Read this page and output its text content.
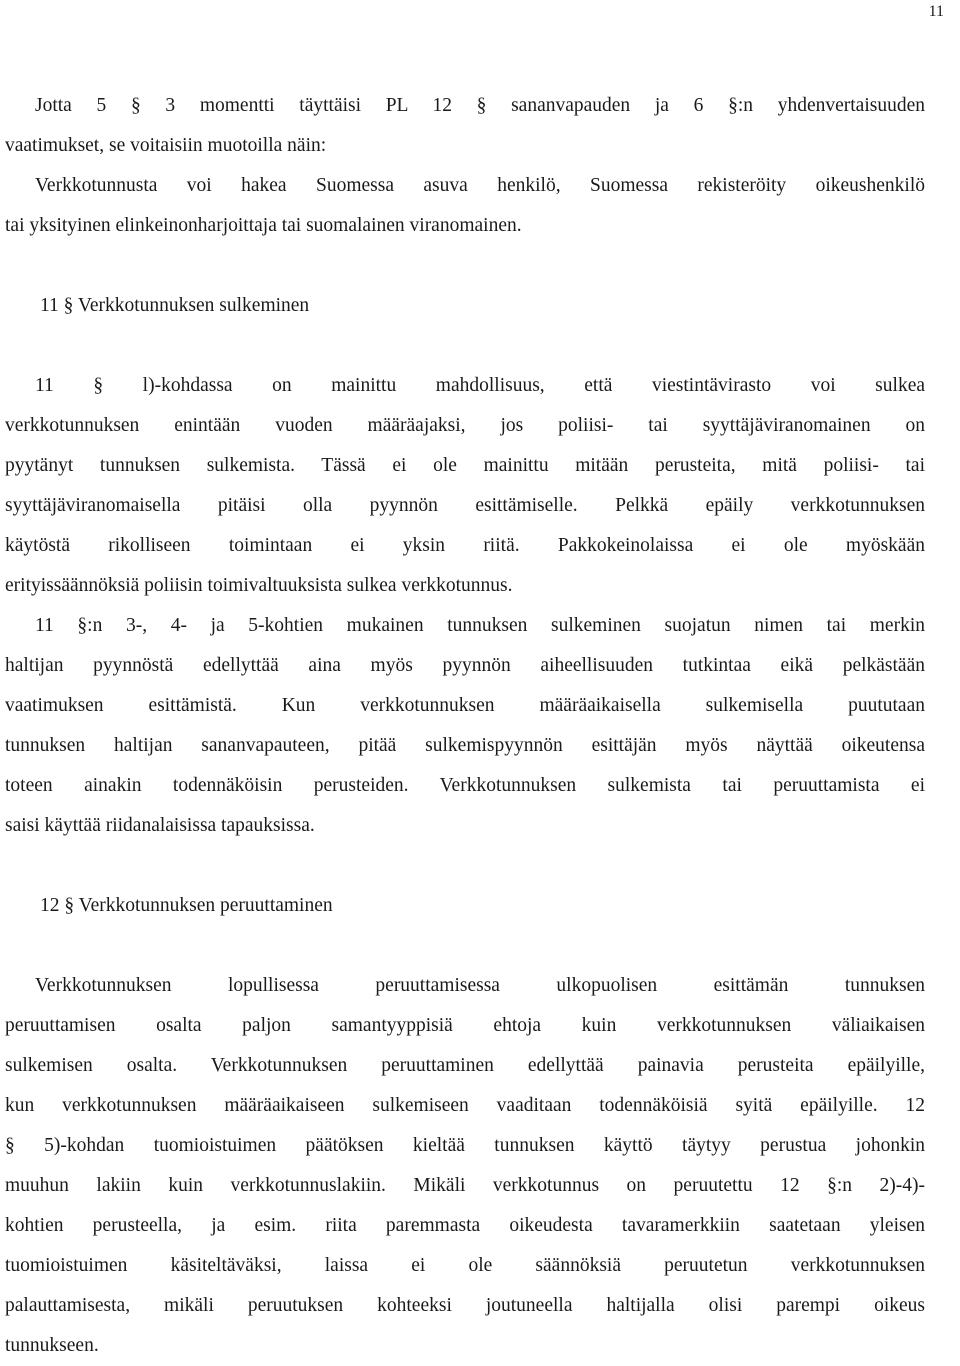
11

Jotta 5 § 3 momentti täyttäisi PL 12 § sananvapauden ja 6 §:n yhdenvertaisuuden

vaatimukset, se voitaisiin muotoilla näin:

Verkkotunnusta voi hakea Suomessa asuva henkilö, Suomessa rekisteröity oikeushenkilö

tai yksityinen elinkeinonharjoittaja tai suomalainen viranomainen.

11 § Verkkotunnuksen sulkeminen

11 § l)-kohdassa on mainittu mahdollisuus, että viestintävirasto voi sulkea

verkkotunnuksen enintään vuoden määräajaksi, jos poliisi- tai syyttäjäviranomainen on

pyytänyt tunnuksen sulkemista. Tässä ei ole mainittu mitään perusteita, mitä poliisi- tai

syyttäjäviranomaisella pitäisi olla pyynnön esittämiselle. Pelkkä epäily verkkotunnuksen

käytöstä rikolliseen toimintaan ei yksin riitä. Pakkokeinolaissa ei ole myöskään

erityissäännöksiä poliisin toimivaltuuksista sulkea verkkotunnus.

11 §:n 3-, 4- ja 5-kohtien mukainen tunnuksen sulkeminen suojatun nimen tai merkin

haltijan pyynnöstä edellyttää aina myös pyynnön aiheellisuuden tutkintaa eikä pelkästään

vaatimuksen esittämistä. Kun verkkotunnuksen määräaikaisella sulkemisella puututaan

tunnuksen haltijan sananvapauteen, pitää sulkemispyynnön esittäjän myös näyttää oikeutensa

toteen ainakin todennäköisin perusteiden. Verkkotunnuksen sulkemista tai peruuttamista ei

saisi käyttää riidanalaisissa tapauksissa.

12 § Verkkotunnuksen peruuttaminen

Verkkotunnuksen lopullisessa peruuttamisessa ulkopuolisen esittämän tunnuksen

peruuttamisen osalta paljon samantyyppisiä ehtoja kuin verkkotunnuksen väliaikaisen

sulkemisen osalta. Verkkotunnuksen peruuttaminen edellyttää painavia perusteita epäilyille,

kun verkkotunnuksen määräaikaiseen sulkemiseen vaaditaan todennäköisiä syitä epäilyille. 12

§ 5)-kohdan tuomioistuimen päätöksen kieltää tunnuksen käyttö täytyy perustua johonkin

muuhun lakiin kuin verkkotunnuslakiin. Mikäli verkkotunnus on peruutettu 12 §:n 2)-4)-

kohtien perusteella, ja esim. riita paremmasta oikeudesta tavaramerkkiin saatetaan yleisen

tuomioistuimen käsiteltäväksi, laissa ei ole säännöksiä peruutetun verkkotunnuksen

palauttamisesta, mikäli peruutuksen kohteeksi joutuneella haltijalla olisi parempi oikeus

tunnukseen.
